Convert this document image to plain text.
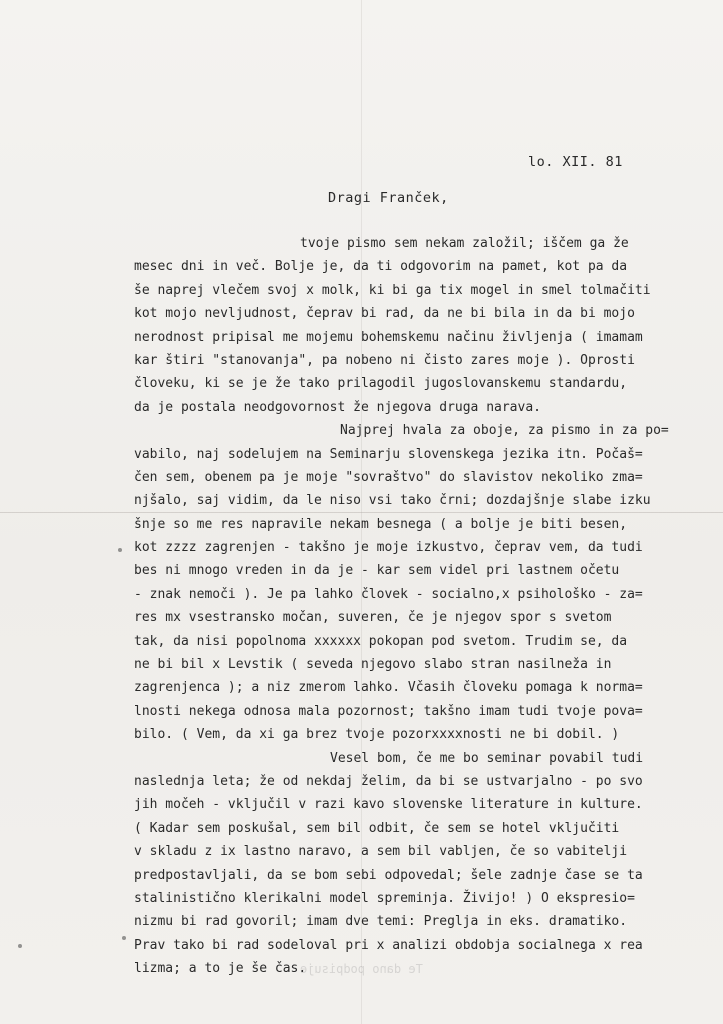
lo. XII. 81
Dragi Franček,
tvoje pismo sem nekam založil; iščem ga že
mesec dni in več. Bolje je, da ti odgovorim na pamet, kot pa da
še naprej vlečem svoj x molk, ki bi ga tix mogel in smel tolmačiti
kot mojo nevljudnost, čeprav bi rad, da ne bi bila in da bi mojo
nerodnost pripisal me mojemu bohemskemu načinu življenja ( imamam
kar štiri "stanovanja", pa nobeno ni čisto zares moje ). Oprosti
človeku, ki se je že tako prilagodil jugoslovanskemu standardu,
da je postala neodgovornost že njegova druga narava.
Najprej hvala za oboje, za pismo in za po=
vabilo, naj sodelujem na Seminarju slovenskega jezika itn. Počaš=
čen sem, obenem pa je moje "sovraštvo" do slavistov nekoliko zma=
njšalo, saj vidim, da le niso vsi tako črni; dozdajšnje slabe izku
šnje so me res napravile nekam besnega ( a bolje je biti besen,
kot zzzz zagrenjen - takšno je moje izkustvo, čeprav vem, da tudi
bes ni mnogo vreden in da je - kar sem videl pri lastnem očetu
- znak nemoči ). Je pa lahko človek - socialno,x psihološko - za=
res mx vsestransko močan, suveren, če je njegov spor s svetom
tak, da nisi popolnoma xxxxxx pokopan pod svetom. Trudim se, da
ne bi bil x Levstik ( seveda njegovo slabo stran nasilneža in
zagrenjenca ); a niz zmerom lahko. Včasih človeku pomaga k norma=
lnosti nekega odnosa mala pozornost; takšno imam tudi tvoje pova=
bilo. ( Vem, da xi ga brez tvoje pozorxxxxnosti ne bi dobil. )
Vesel bom, če me bo seminar povabil tudi
naslednja leta; že od nekdaj želim, da bi se ustvarjalno - po svo
jih močeh - vključil v razi kavo slovenske literature in kulture.
( Kadar sem poskušal, sem bil odbit, če sem se hotel vključiti
v skladu z ix lastno naravo, a sem bil vabljen, če so vabitelji
predpostavljali, da se bom sebi odpovedal; šele zadnje čase se ta
stalinistično klerikalni model spreminja. Živijo! ) O ekspresio=
nizmu bi rad govoril; imam dve temi: Preglja in eks. dramatiko.
Prav tako bi rad sodeloval pri x analizi obdobja socialnega x rea
lizma; a to je še čas.
Te dano podpisuje
